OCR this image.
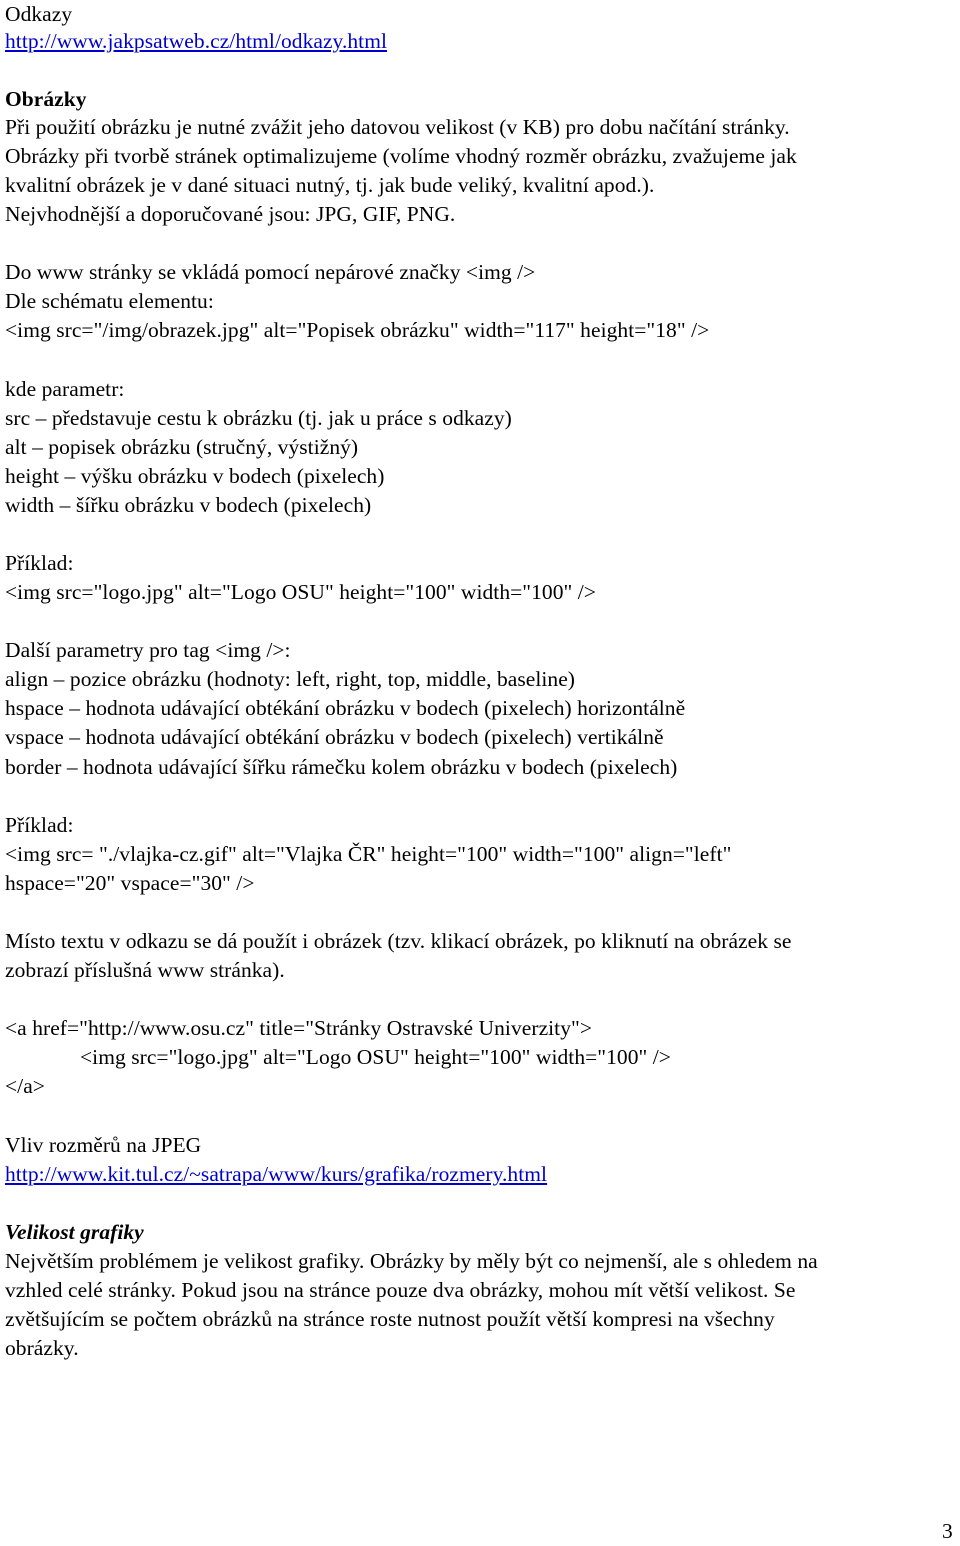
Odkazy
http://www.jakpsatweb.cz/html/odkazy.html
Obrázky
Při použití obrázku je nutné zvážit jeho datovou velikost (v KB) pro dobu načítání stránky.
Obrázky při tvorbě stránek optimalizujeme (volíme vhodný rozměr obrázku, zvažujeme jak
kvalitní obrázek je v dané situaci nutný, tj. jak bude veliký, kvalitní apod.).
Nejvhodnější a doporučované jsou: JPG, GIF, PNG.
Do www stránky se vkládá pomocí nepárové značky <img />
Dle schématu elementu:
<img src="/img/obrazek.jpg" alt="Popisek obrázku" width="117" height="18" />
kde parametr:
src – představuje cestu k obrázku (tj. jak u práce s odkazy)
alt – popisek obrázku (stručný, výstižný)
height – výšku obrázku v bodech (pixelech)
width – šířku obrázku v bodech (pixelech)
Příklad:
<img src="logo.jpg" alt="Logo OSU" height="100" width="100" />
Další parametry pro tag <img />:
align – pozice obrázku (hodnoty: left, right, top, middle, baseline)
hspace – hodnota udávající obtékání obrázku v bodech (pixelech) horizontálně
vspace – hodnota udávající obtékání obrázku v bodech (pixelech) vertikálně
border – hodnota udávající šířku rámečku kolem obrázku v bodech (pixelech)
Příklad:
<img src= "./vlajka-cz.gif" alt="Vlajka ČR" height="100" width="100" align="left"
hspace="20" vspace="30" />
Místo textu v odkazu se dá použít i obrázek (tzv. klikací obrázek, po kliknutí na obrázek se
zobrazí příslušná www stránka).
<a href="http://www.osu.cz" title="Stránky Ostravské Univerzity">
<img src="logo.jpg" alt="Logo OSU" height="100" width="100" />
</a>
Vliv rozměrů na JPEG
http://www.kit.tul.cz/~satrapa/www/kurs/grafika/rozmery.html
Velikost grafiky
Největším problémem je velikost grafiky. Obrázky by měly být co nejmenší, ale s ohledem na
vzhled celé stránky. Pokud jsou na stránce pouze dva obrázky, mohou mít větší velikost. Se
zvětšujícím se počtem obrázků na stránce roste nutnost použít větší kompresi na všechny
obrázky.
3
